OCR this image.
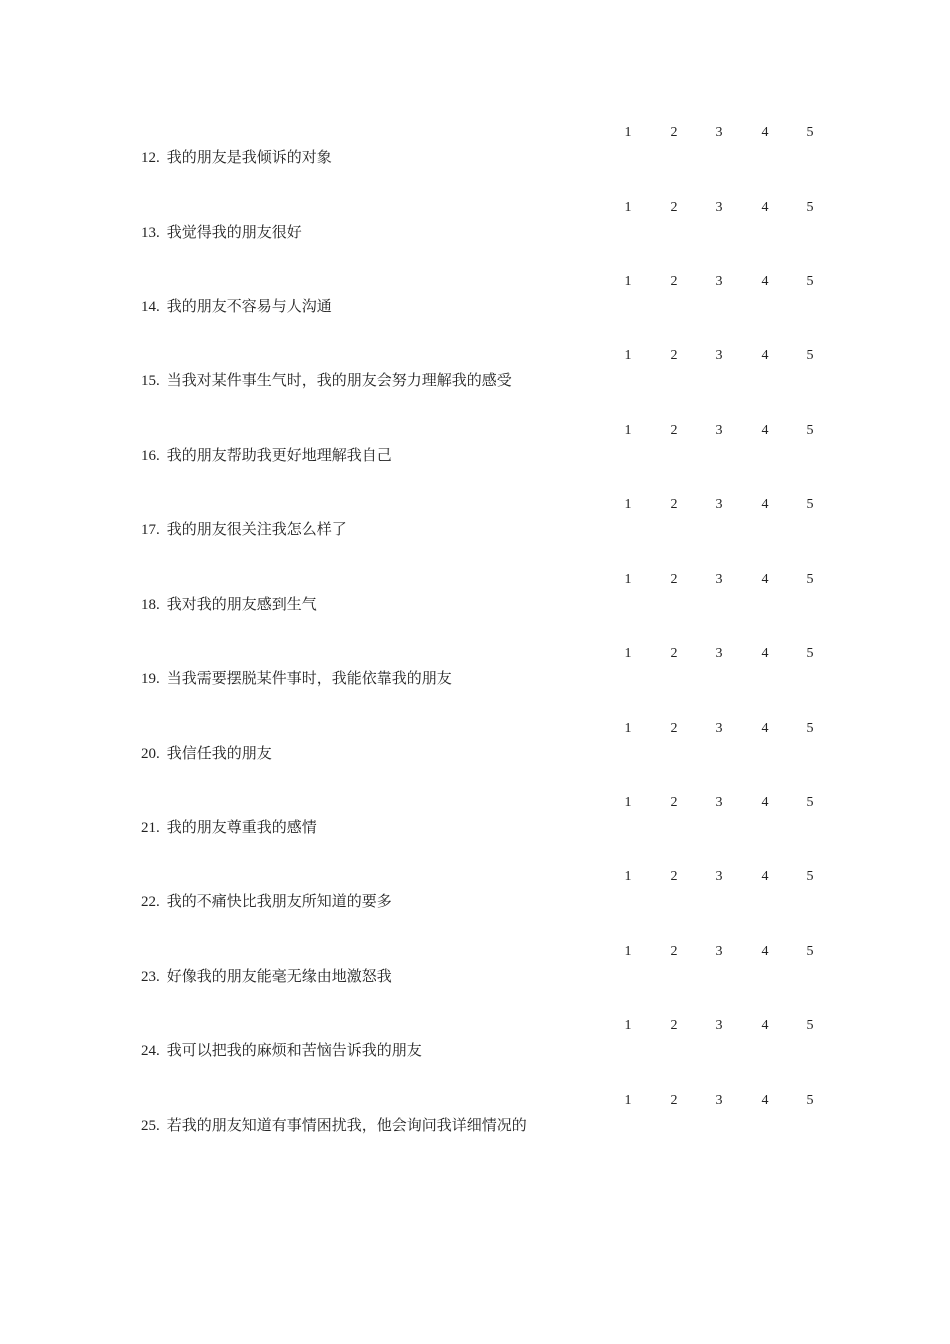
1	2	3	4	5
12. 我的朋友是我倾诉的对象
1	2	3	4	5
13. 我觉得我的朋友很好
1	2	3	4	5
14. 我的朋友不容易与人沟通
1	2	3	4	5
15. 当我对某件事生气时，我的朋友会努力理解我的感受
1	2	3	4	5
16. 我的朋友帮助我更好地理解我自己
1	2	3	4	5
17. 我的朋友很关注我怎么样了
1	2	3	4	5
18. 我对我的朋友感到生气
1	2	3	4	5
19. 当我需要摆脱某件事时，我能依靠我的朋友
1	2	3	4	5
20. 我信任我的朋友
1	2	3	4	5
21. 我的朋友尊重我的感情
1	2	3	4	5
22. 我的不痛快比我朋友所知道的要多
1	2	3	4	5
23. 好像我的朋友能毫无缘由地激怒我
1	2	3	4	5
24. 我可以把我的麻烦和苦恼告诉我的朋友
1	2	3	4	5
25. 若我的朋友知道有事情困扰我，他会询问我详细情况的
